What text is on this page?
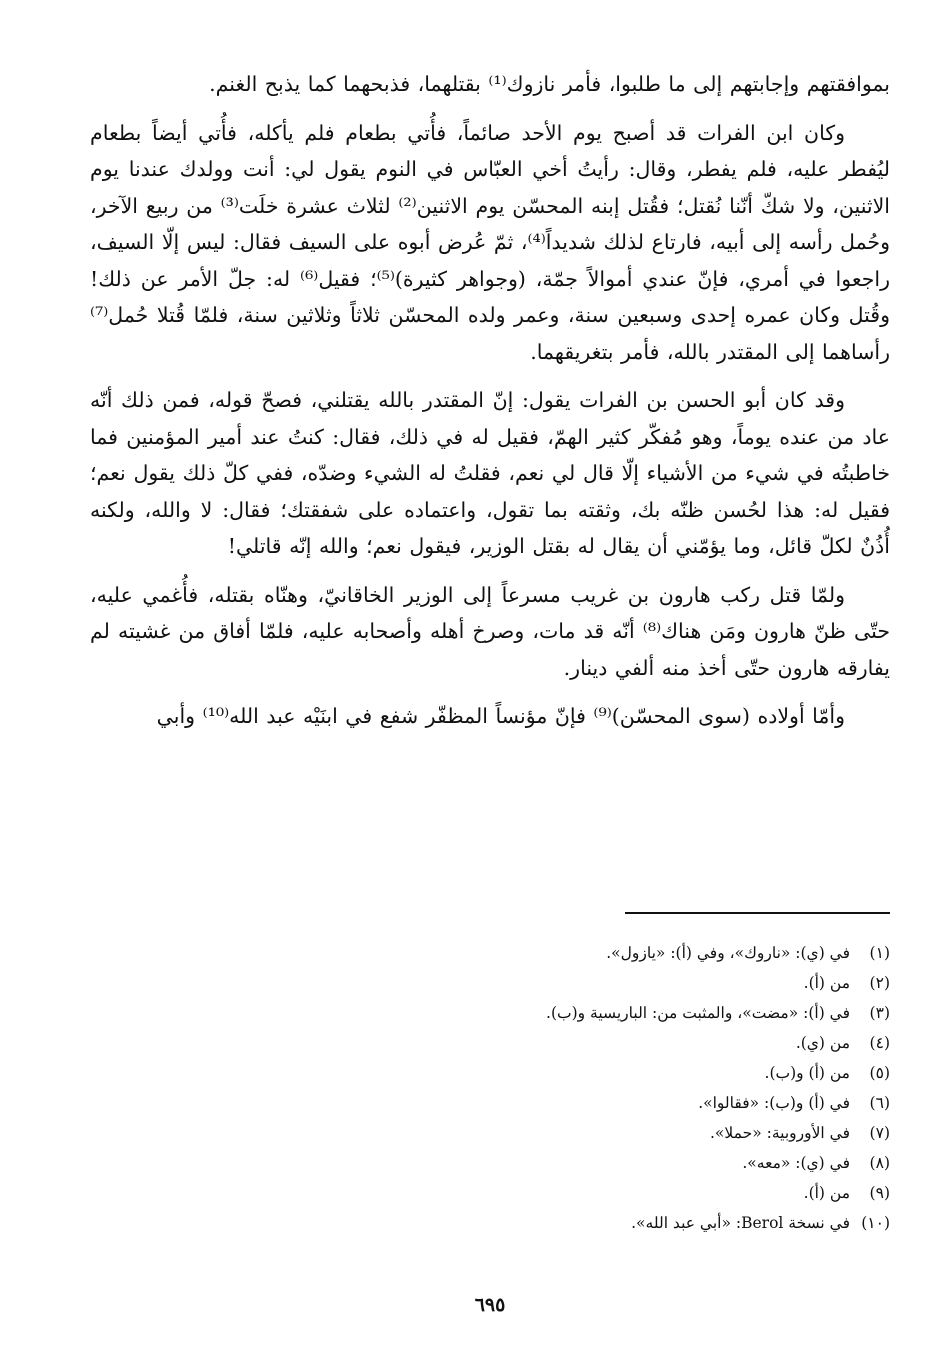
بموافقتهم وإجابتهم إلى ما طلبوا، فأمر نازوك⁽¹⁾ بقتلهما، فذبحهما كما يذبح الغنم.

وكان ابن الفرات قد أصبح يوم الأحد صائماً، فأُتي بطعام فلم يأكله، فأُتي أيضاً بطعام ليُفطر عليه، فلم يفطر، وقال: رأيتُ أخي العبّاس في النوم يقول لي: أنت وولدك عندنا يوم الاثنين، ولا شكّ أنّنا نُقتل؛ فقُتل إبنه المحسّن يوم الاثنين⁽²⁾ لثلاث عشرة خلَت⁽³⁾ من ربيع الآخر، وحُمل رأسه إلى أبيه، فارتاع لذلك شديداً⁽⁴⁾، ثمّ عُرض أبوه على السيف فقال: ليس إلّا السيف، راجعوا في أمري، فإنّ عندي أموالاً جمّة، (وجواهر كثيرة)⁽⁵⁾؛ فقيل⁽⁶⁾ له: جلّ الأمر عن ذلك! وقُتل وكان عمره إحدى وسبعين سنة، وعمر ولده المحسّن ثلاثاً وثلاثين سنة، فلمّا قُتلا حُمل⁽⁷⁾ رأساهما إلى المقتدر بالله، فأمر بتغريقهما.

وقد كان أبو الحسن بن الفرات يقول: إنّ المقتدر بالله يقتلني، فصحّ قوله، فمن ذلك أنّه عاد من عنده يوماً، وهو مُفكّر كثير الهمّ، فقيل له في ذلك، فقال: كنتُ عند أمير المؤمنين فما خاطبتُه في شيء من الأشياء إلّا قال لي نعم، فقلتُ له الشيء وضدّه، ففي كلّ ذلك يقول نعم؛ فقيل له: هذا لحُسن ظنّه بك، وثقته بما تقول، واعتماده على شفقتك؛ فقال: لا والله، ولكنه أُذُنٌ لكلّ قائل، وما يؤمّني أن يقال له بقتل الوزير، فيقول نعم؛ والله إنّه قاتلي!

ولمّا قتل ركب هارون بن غريب مسرعاً إلى الوزير الخاقانيّ، وهنّاه بقتله، فأُغمي عليه، حتّى ظنّ هارون ومَن هناك⁽⁸⁾ أنّه قد مات، وصرخ أهله وأصحابه عليه، فلمّا أفاق من غشيته لم يفارقه هارون حتّى أخذ منه ألفي دينار.

وأمّا أولاده (سوى المحسّن)⁽⁹⁾ فإنّ مؤنساً المظفّر شفع في ابنَيْه عبد الله⁽¹⁰⁾ وأبي

(١)
في (ي): «ناروك»، وفي (أ): «يازول».
(٢)
من (أ).
(٣)
في (أ): «مضت»، والمثبت من: الباريسية و(ب).
(٤)
من (ي).
(٥)
من (أ) و(ب).
(٦)
في (أ) و(ب): «فقالوا».
(٧)
في الأوروبية: «حملا».
(٨)
في (ي): «معه».
(٩)
من (أ).
(١٠)
في نسخة Berol: «أبي عبد الله».
٦٩٥
